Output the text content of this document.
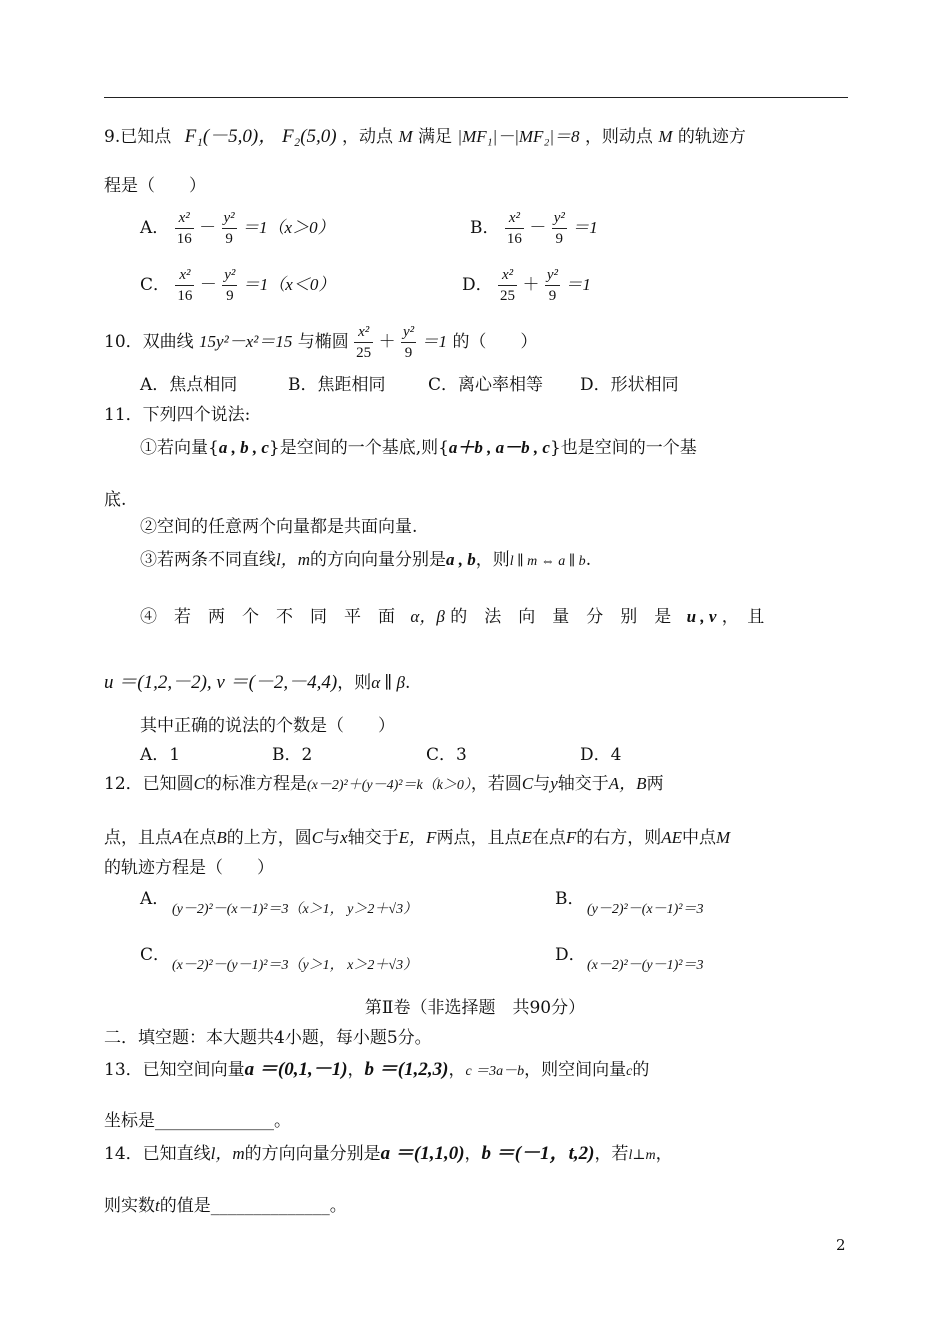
9.已知点 F₁(－5,0)， F₂(5,0) ，动点 M 满足 |MF₁|－|MF₂|＝8 ，则动点 M 的轨迹方
程是（　　）
A． $\frac{\text{x²}}{16} - \frac{\text{y²}}{9} =1(x>0)$	B． $\frac{\text{x²}}{16} - \frac{\text{y²}}{9} =1$
C． $\frac{\text{x²}}{16} - \frac{\text{y²}}{9} =1(x<0)$	D． $\frac{\text{x²}}{25} + \frac{\text{y²}}{9} =1$
10．双曲线 15y²－x²＝15 与椭圆 $\frac{\text{x²}}{25} + \frac{\text{y²}}{9} =1$ 的（　　）
A．焦点相同	B．焦距相同	C．离心率相等 D．形状相同
11．下列四个说法:
①若向量{a , b , c}是空间的一个基底,则{a＋b , a－b , c}也是空间的一个基
底.
②空间的任意两个向量都是共面向量.
③若两条不同直线l，m的方向向量分别是a , b，则l ∥ m ⇔ a ∥ b.
④　若　两　个　不　同　平　面 α，β 的　法　向　量　分　别　是 u , v ，　且
u ＝(1,2,－2), v ＝(－2,－4,4)，则α ∥ β.
其中正确的说法的个数是（　　）
A．1	B．2	C．3	D．4
12．已知圆C的标准方程是(x－2)²＋(y－4)²＝k（k＞0），若圆C与y轴交于A，B两
点，且点A在点B的上方，圆C与x轴交于E，F两点，且点E在点F的右方，则AE中点M
的轨迹方程是（　　）
A．
(y－2)²－(x－1)²＝3（x＞1， y＞2＋√3）
B．
(y－2)²－(x－1)²＝3
C．
(x－2)²－(y－1)²＝3（y＞1， x＞2＋√3）
D．
(x－2)²－(y－1)²＝3
第Ⅱ卷（非选择题　共90分）
二．填空题：本大题共4小题，每小题5分。
13．已知空间向量a ＝(0,1,－1)，b ＝(1,2,3)，c ＝3a－b，则空间向量c的
坐标是______________。
14．已知直线l，m的方向向量分别是a ＝(1,1,0)，b ＝(－1，t,2)，若l⊥m，
则实数t的值是______________。
2
